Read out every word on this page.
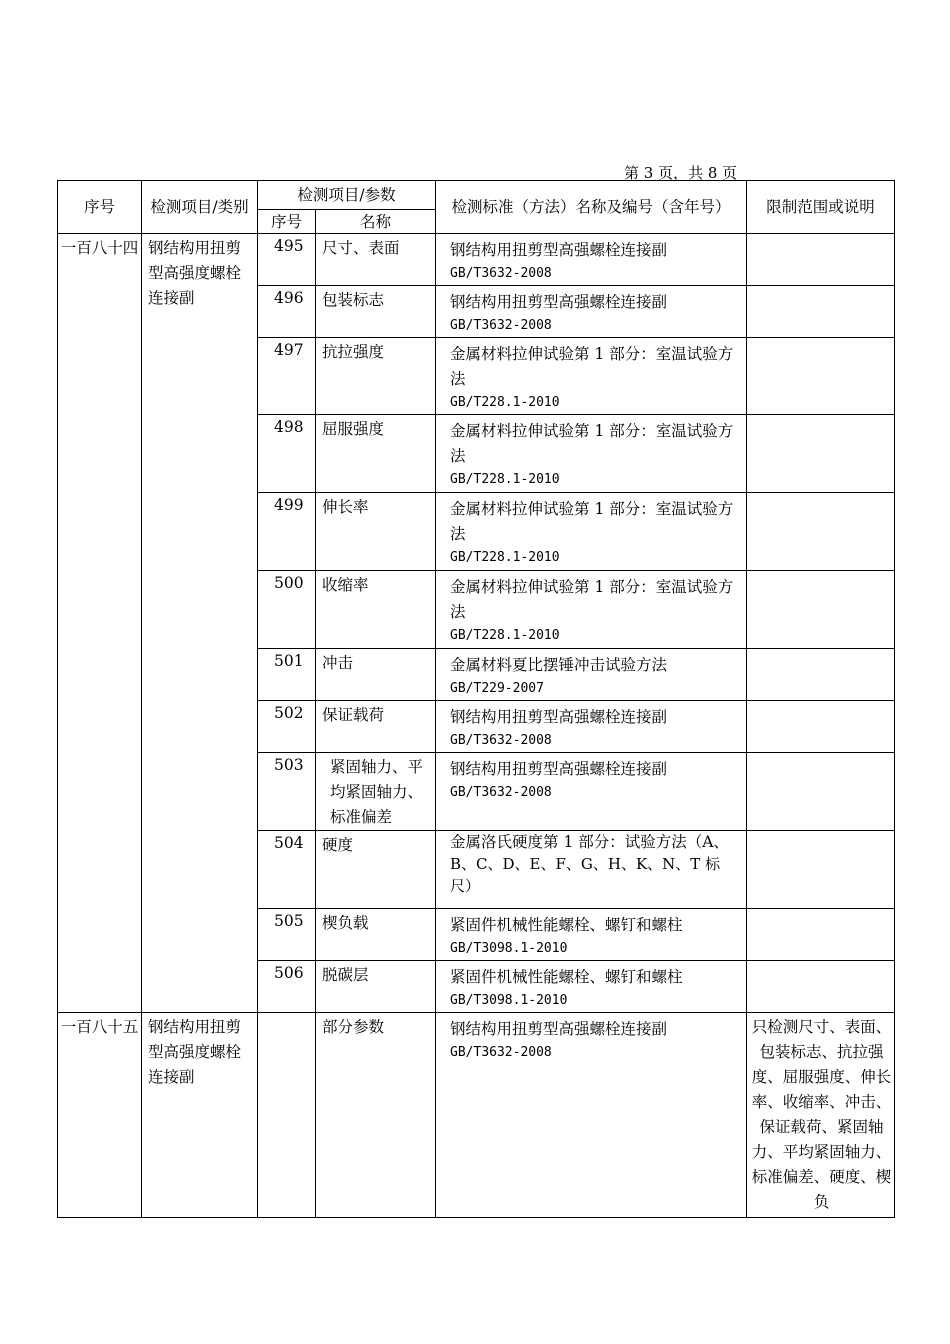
第 3 页，共 8 页
序号	检测项目/类别	检测项目/参数		检测标准（方法）名称及编号（含年号）	限制范围或说明
		序号	名称		
一百八十四	钢结构用扭剪型高强度螺栓连接副	495	尺寸、表面	钢结构用扭剪型高强螺栓连接副
GB/T3632-2008	

		496	包装标志	钢结构用扭剪型高强螺栓连接副
GB/T3632-2008	

		497	抗拉强度	金属材料拉伸试验第 1 部分：室温试验方法
GB/T228.1-2010	

		498	屈服强度	金属材料拉伸试验第 1 部分：室温试验方法
GB/T228.1-2010	

		499	伸长率	金属材料拉伸试验第 1 部分：室温试验方法
GB/T228.1-2010	

		500	收缩率	金属材料拉伸试验第 1 部分：室温试验方法
GB/T228.1-2010	

		501	冲击	金属材料夏比摆锤冲击试验方法
GB/T229-2007	

		502	保证载荷	钢结构用扭剪型高强螺栓连接副
GB/T3632-2008	

		503	紧固轴力、平均紧固轴力、标准偏差	钢结构用扭剪型高强螺栓连接副
GB/T3632-2008	

		504	硬度	金属洛氏硬度第 1 部分：试验方法（A、
B、C、D、E、F、G、H、K、N、T 标尺）	

		505	楔负载	紧固件机械性能螺栓、螺钉和螺柱
GB/T3098.1-2010	

		506	脱碳层	紧固件机械性能螺栓、螺钉和螺柱
GB/T3098.1-2010	

一百八十五	钢结构用扭剪型高强度螺栓连接副		部分参数	钢结构用扭剪型高强螺栓连接副
GB/T3632-2008	只检测尺寸、表面、包装标志、抗拉强度、屈服强度、伸长率、收缩率、冲击、保证载荷、紧固轴力、平均紧固轴力、标准偏差、硬度、楔负
